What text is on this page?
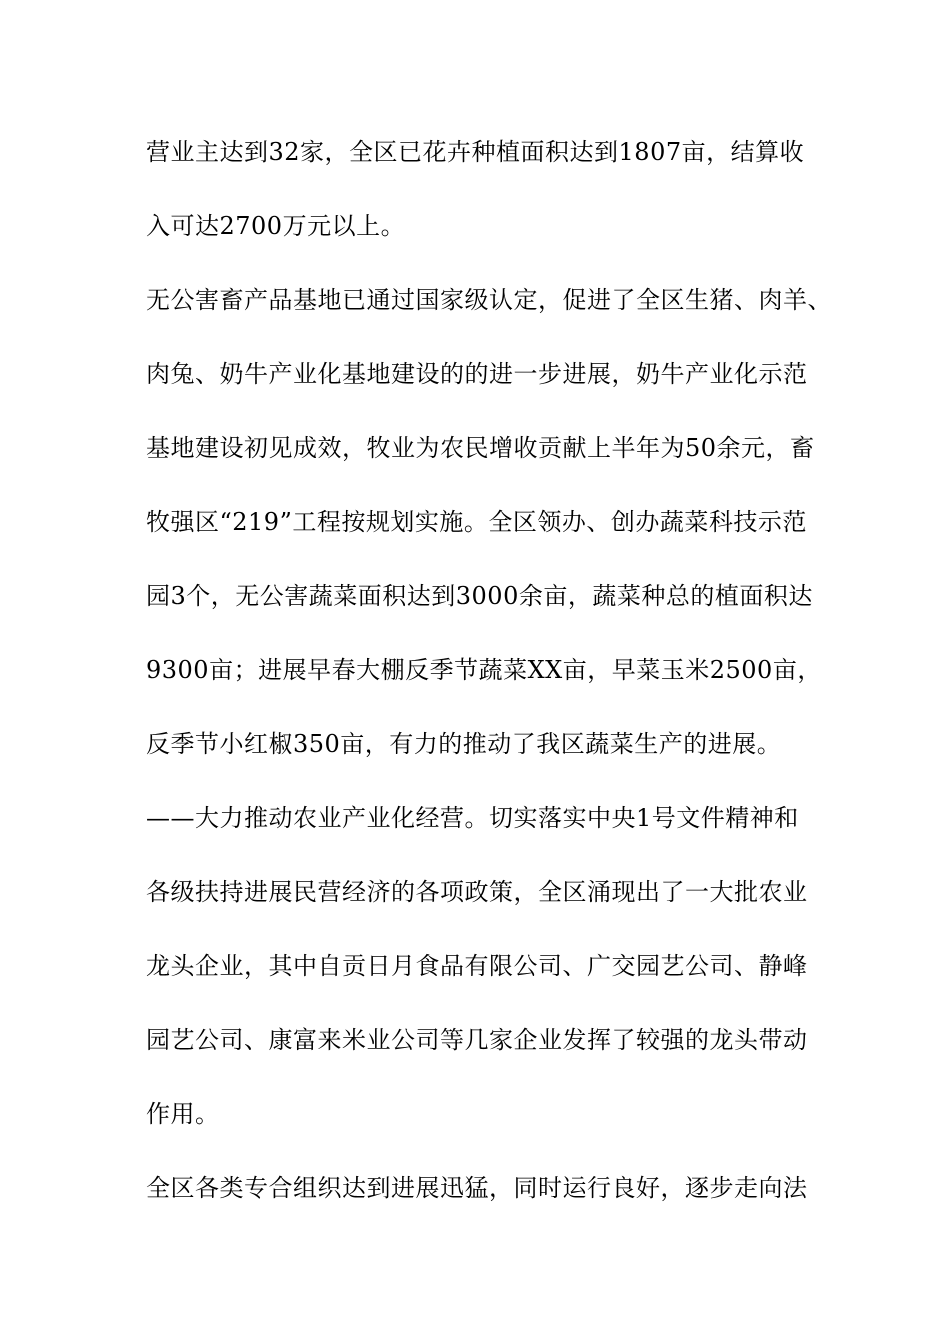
营业主达到32家，全区已花卉种植面积达到1807亩，结算收
入可达2700万元以上。
无公害畜产品基地已通过国家级认定，促进了全区生猪、肉羊、
肉兔、奶牛产业化基地建设的的进一步进展，奶牛产业化示范
基地建设初见成效，牧业为农民增收贡献上半年为50余元，畜
牧强区“219”工程按规划实施。全区领办、创办蔬菜科技示范
园3个，无公害蔬菜面积达到3000余亩，蔬菜种总的植面积达
9300亩；进展早春大棚反季节蔬菜XX亩，早菜玉米2500亩，
反季节小红椒350亩，有力的推动了我区蔬菜生产的进展。
——大力推动农业产业化经营。切实落实中央1号文件精神和
各级扶持进展民营经济的各项政策，全区涌现出了一大批农业
龙头企业，其中自贡日月食品有限公司、广交园艺公司、静峰
园艺公司、康富来米业公司等几家企业发挥了较强的龙头带动
作用。
全区各类专合组织达到进展迅猛，同时运行良好，逐步走向法
